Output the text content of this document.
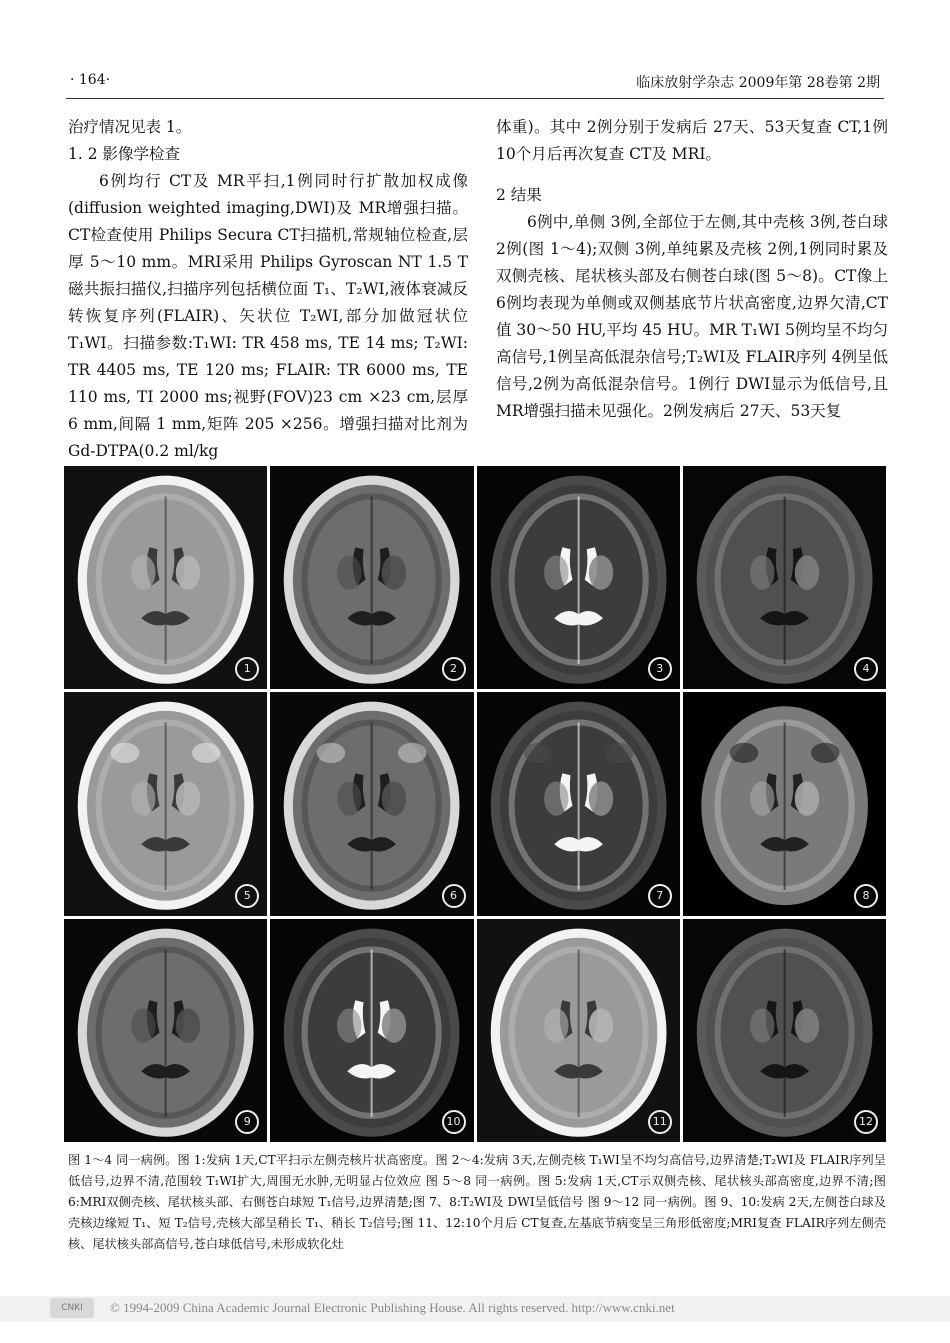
· 164·	临床放射学杂志 2009年第 28卷第 2期

治疗情况见表 1。

1. 2 影像学检查

6例均行 CT及 MR平扫,1例同时行扩散加权成像(diffusion weighted imaging,DWI)及 MR增强扫描。CT检查使用 Philips Secura CT扫描机,常规轴位检查,层厚 5～10 mm。MRI采用 Philips Gyroscan NT 1.5 T磁共振扫描仪,扫描序列包括横位面 T₁、T₂WI,液体衰减反转恢复序列(FLAIR)、矢状位 T₂WI,部分加做冠状位 T₁WI。扫描参数:T₁WI: TR 458 ms, TE 14 ms; T₂WI: TR 4405 ms, TE 120 ms; FLAIR: TR 6000 ms, TE 110 ms, TI 2000 ms;视野(FOV)23 cm ×23 cm,层厚 6 mm,间隔 1 mm,矩阵 205 ×256。增强扫描对比剂为 Gd-DTPA(0.2 ml/kg

体重)。其中 2例分别于发病后 27天、53天复查 CT,1例 10个月后再次复查 CT及 MRI。

2 结果

6例中,单侧 3例,全部位于左侧,其中壳核 3例,苍白球 2例(图 1～4);双侧 3例,单纯累及壳核 2例,1例同时累及双侧壳核、尾状核头部及右侧苍白球(图 5～8)。CT像上 6例均表现为单侧或双侧基底节片状高密度,边界欠清,CT值 30～50 HU,平均 45 HU。MR T₁WI 5例均呈不均匀高信号,1例呈高低混杂信号;T₂WI及 FLAIR序列 4例呈低信号,2例为高低混杂信号。1例行 DWI显示为低信号,且 MR增强扫描未见强化。2例发病后 27天、53天复

1	2	3	4
5	6	7	8
9	10	11	12
图 1～4 同一病例。图 1:发病 1天,CT平扫示左侧壳核片状高密度。图 2～4:发病 3天,左侧壳核 T₁WI呈不均匀高信号,边界清楚;T₂WI及 FLAIR序列呈低信号,边界不清,范围较 T₁WI扩大,周围无水肿,无明显占位效应 图 5～8 同一病例。图 5:发病 1天,CT示双侧壳核、尾状核头部高密度,边界不清;图 6:MRI双侧壳核、尾状核头部、右侧苍白球短 T₁信号,边界清楚;图 7、8:T₂WI及 DWI呈低信号 图 9～12 同一病例。图 9、10:发病 2天,左侧苍白球及壳核边缘短 T₁、短 T₂信号,壳核大部呈稍长 T₁、稍长 T₂信号;图 11、12:10个月后 CT复查,左基底节病变呈三角形低密度;MRI复查 FLAIR序列左侧壳核、尾状核头部高信号,苍白球低信号,未形成软化灶
CNKI	© 1994-2009 China Academic Journal Electronic Publishing House. All rights reserved. http://www.cnki.net
